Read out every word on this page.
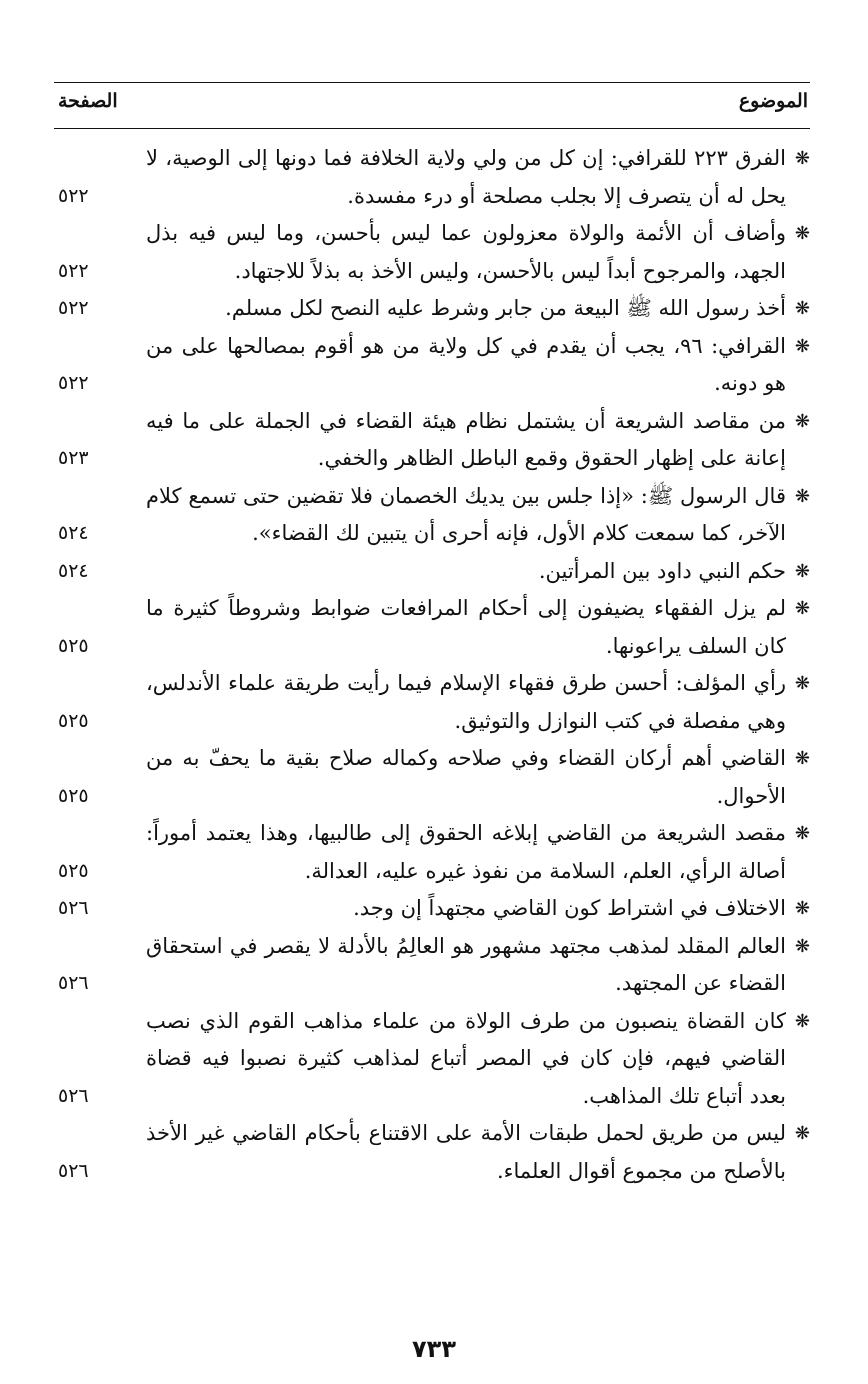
الموضوع
الصفحة
❋
الفرق ٢٢٣ للقرافي: إن كل من ولي ولاية الخلافة فما دونها إلى الوصية، لا يحل له أن يتصرف إلا بجلب مصلحة أو درء مفسدة.
٥٢٢
❋
وأضاف أن الأئمة والولاة معزولون عما ليس بأحسن، وما ليس فيه بذل الجهد، والمرجوح أبداً ليس بالأحسن، وليس الأخذ به بذلاً للاجتهاد.
٥٢٢
❋
أخذ رسول الله ﷺ البيعة من جابر وشرط عليه النصح لكل مسلم.
٥٢٢
❋
القرافي: ٩٦، يجب أن يقدم في كل ولاية من هو أقوم بمصالحها على من هو دونه.
٥٢٢
❋
من مقاصد الشريعة أن يشتمل نظام هيئة القضاء في الجملة على ما فيه إعانة على إظهار الحقوق وقمع الباطل الظاهر والخفي.
٥٢٣
❋
قال الرسول ﷺ: «إذا جلس بين يديك الخصمان فلا تقضين حتى تسمع كلام الآخر، كما سمعت كلام الأول، فإنه أحرى أن يتبين لك القضاء».
٥٢٤
❋
حكم النبي داود بين المرأتين.
٥٢٤
❋
لم يزل الفقهاء يضيفون إلى أحكام المرافعات ضوابط وشروطاً كثيرة ما كان السلف يراعونها.
٥٢٥
❋
رأي المؤلف: أحسن طرق فقهاء الإسلام فيما رأيت طريقة علماء الأندلس، وهي مفصلة في كتب النوازل والتوثيق.
٥٢٥
❋
القاضي أهم أركان القضاء وفي صلاحه وكماله صلاح بقية ما يحفّ به من الأحوال.
٥٢٥
❋
مقصد الشريعة من القاضي إبلاغه الحقوق إلى طالبيها، وهذا يعتمد أموراً: أصالة الرأي، العلم، السلامة من نفوذ غيره عليه، العدالة.
٥٢٥
❋
الاختلاف في اشتراط كون القاضي مجتهداً إن وجد.
٥٢٦
❋
العالم المقلد لمذهب مجتهد مشهور هو العالِمُ بالأدلة لا يقصر في استحقاق القضاء عن المجتهد.
٥٢٦
❋
كان القضاة ينصبون من طرف الولاة من علماء مذاهب القوم الذي نصب القاضي فيهم، فإن كان في المصر أتباع لمذاهب كثيرة نصبوا فيه قضاة بعدد أتباع تلك المذاهب.
٥٢٦
❋
ليس من طريق لحمل طبقات الأمة على الاقتناع بأحكام القاضي غير الأخذ بالأصلح من مجموع أقوال العلماء.
٥٢٦
٧٣٣
